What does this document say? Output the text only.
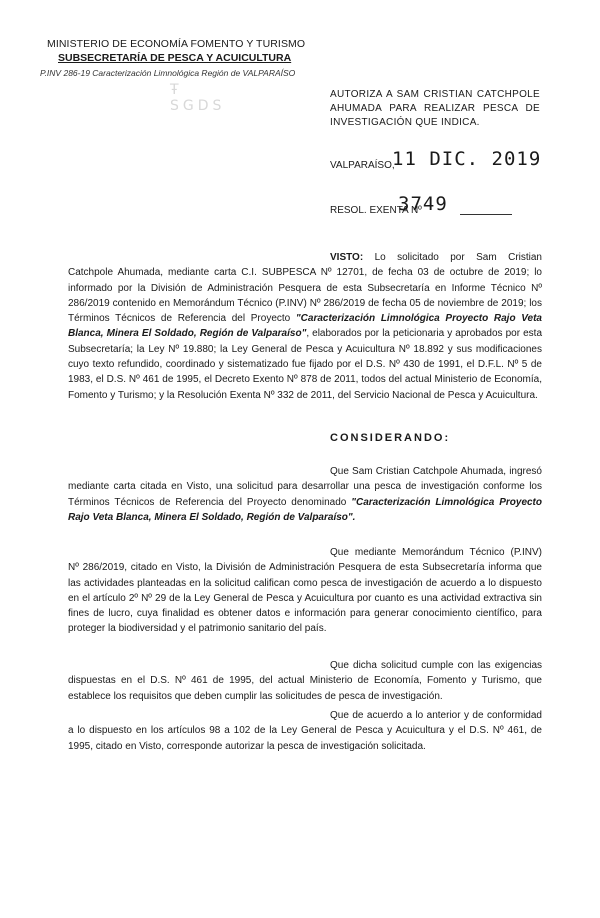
MINISTERIO DE ECONOMÍA FOMENTO Y TURISMO
SUBSECRETARÍA DE PESCA Y ACUICULTURA
P.INV 286-19 Caracterización Limnológica Región de VALPARAÍSO
Ŧ SGDS
AUTORIZA A SAM CRISTIAN CATCHPOLE AHUMADA PARA REALIZAR PESCA DE INVESTIGACIÓN QUE INDICA.
11 DIC. 2019
VALPARAÍSO,
3749
RESOL. EXENTA Nº
VISTO: Lo solicitado por Sam Cristian Catchpole Ahumada, mediante carta C.I. SUBPESCA Nº 12701, de fecha 03 de octubre de 2019; lo informado por la División de Administración Pesquera de esta Subsecretaría en Informe Técnico Nº 286/2019 contenido en Memorándum Técnico (P.INV) Nº 286/2019 de fecha 05 de noviembre de 2019; los Términos Técnicos de Referencia del Proyecto "Caracterización Limnológica Proyecto Rajo Veta Blanca, Minera El Soldado, Región de Valparaíso", elaborados por la peticionaria y aprobados por esta Subsecretaría; la Ley Nº 19.880; la Ley General de Pesca y Acuicultura Nº 18.892 y sus modificaciones cuyo texto refundido, coordinado y sistematizado fue fijado por el D.S. Nº 430 de 1991, el D.F.L. Nº 5 de 1983, el D.S. Nº 461 de 1995, el Decreto Exento Nº 878 de 2011, todos del actual Ministerio de Economía, Fomento y Turismo; y la Resolución Exenta Nº 332 de 2011, del Servicio Nacional de Pesca y Acuicultura.
CONSIDERANDO:
Que Sam Cristian Catchpole Ahumada, ingresó mediante carta citada en Visto, una solicitud para desarrollar una pesca de investigación conforme los Términos Técnicos de Referencia del Proyecto denominado "Caracterización Limnológica Proyecto Rajo Veta Blanca, Minera El Soldado, Región de Valparaíso".
Que mediante Memorándum Técnico (P.INV) Nº 286/2019, citado en Visto, la División de Administración Pesquera de esta Subsecretaría informa que las actividades planteadas en la solicitud califican como pesca de investigación de acuerdo a lo dispuesto en el artículo 2º Nº 29 de la Ley General de Pesca y Acuicultura por cuanto es una actividad extractiva sin fines de lucro, cuya finalidad es obtener datos e información para generar conocimiento científico, para proteger la biodiversidad y el patrimonio sanitario del país.
Que dicha solicitud cumple con las exigencias dispuestas en el D.S. Nº 461 de 1995, del actual Ministerio de Economía, Fomento y Turismo, que establece los requisitos que deben cumplir las solicitudes de pesca de investigación.
Que de acuerdo a lo anterior y de conformidad a lo dispuesto en los artículos 98 a 102 de la Ley General de Pesca y Acuicultura y el D.S. Nº 461, de 1995, citado en Visto, corresponde autorizar la pesca de investigación solicitada.
